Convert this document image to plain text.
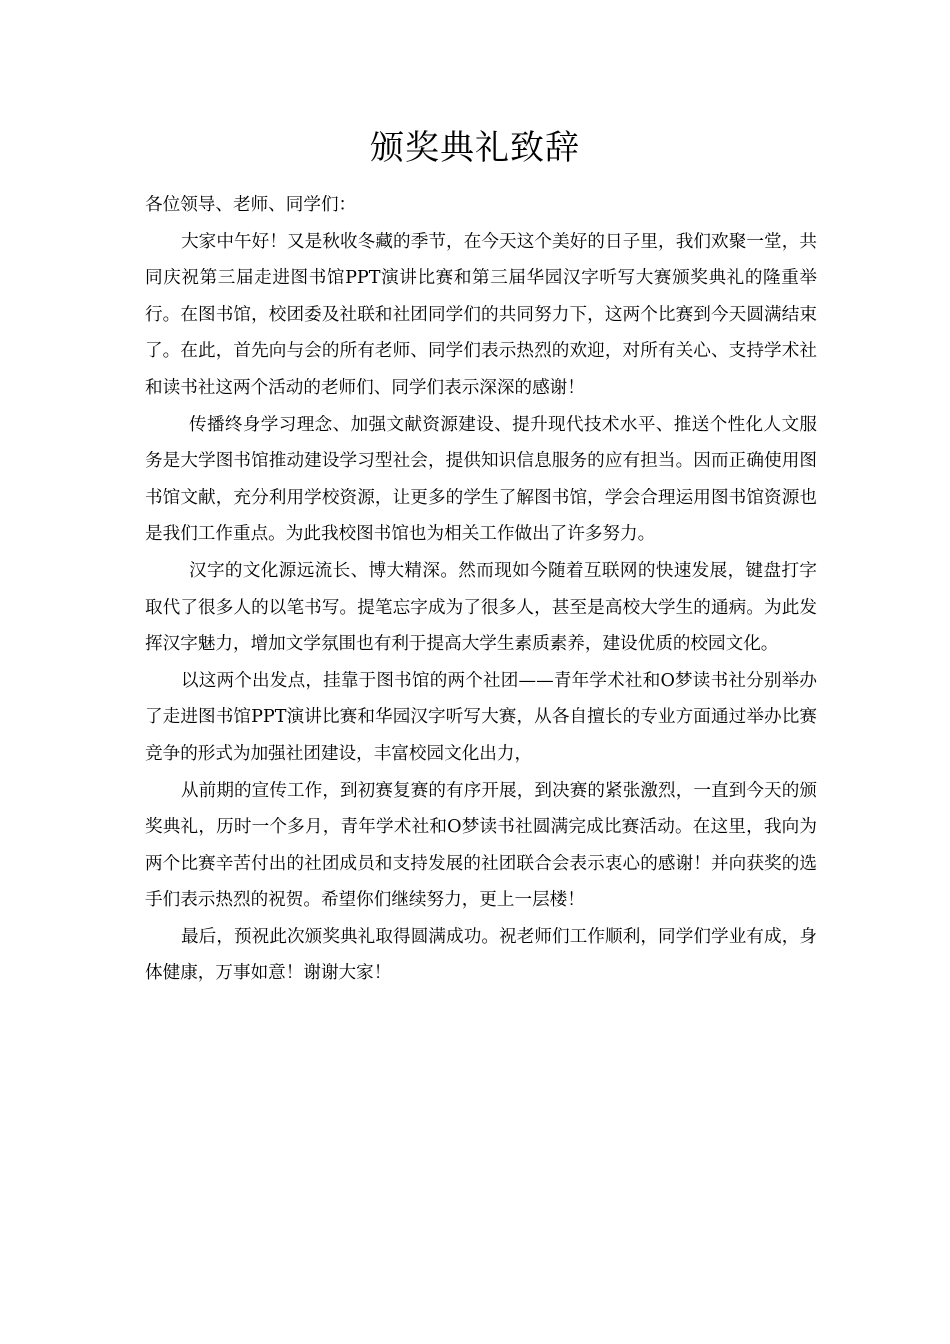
颁奖典礼致辞

各位领导、老师、同学们：

大家中午好！又是秋收冬藏的季节，在今天这个美好的日子里，我们欢聚一堂，共同庆祝第三届走进图书馆PPT演讲比赛和第三届华园汉字听写大赛颁奖典礼的隆重举行。在图书馆，校团委及社联和社团同学们的共同努力下，这两个比赛到今天圆满结束了。在此，首先向与会的所有老师、同学们表示热烈的欢迎，对所有关心、支持学术社和读书社这两个活动的老师们、同学们表示深深的感谢！

传播终身学习理念、加强文献资源建设、提升现代技术水平、推送个性化人文服务是大学图书馆推动建设学习型社会，提供知识信息服务的应有担当。因而正确使用图书馆文献，充分利用学校资源，让更多的学生了解图书馆，学会合理运用图书馆资源也是我们工作重点。为此我校图书馆也为相关工作做出了许多努力。

汉字的文化源远流长、博大精深。然而现如今随着互联网的快速发展，键盘打字取代了很多人的以笔书写。提笔忘字成为了很多人，甚至是高校大学生的通病。为此发挥汉字魅力，增加文学氛围也有利于提高大学生素质素养，建设优质的校园文化。

以这两个出发点，挂靠于图书馆的两个社团——青年学术社和O梦读书社分别举办了走进图书馆PPT演讲比赛和华园汉字听写大赛，从各自擅长的专业方面通过举办比赛竞争的形式为加强社团建设，丰富校园文化出力，

从前期的宣传工作，到初赛复赛的有序开展，到决赛的紧张激烈，一直到今天的颁奖典礼，历时一个多月，青年学术社和O梦读书社圆满完成比赛活动。在这里，我向为两个比赛辛苦付出的社团成员和支持发展的社团联合会表示衷心的感谢！并向获奖的选手们表示热烈的祝贺。希望你们继续努力，更上一层楼！

最后，预祝此次颁奖典礼取得圆满成功。祝老师们工作顺利，同学们学业有成，身体健康，万事如意！谢谢大家！
